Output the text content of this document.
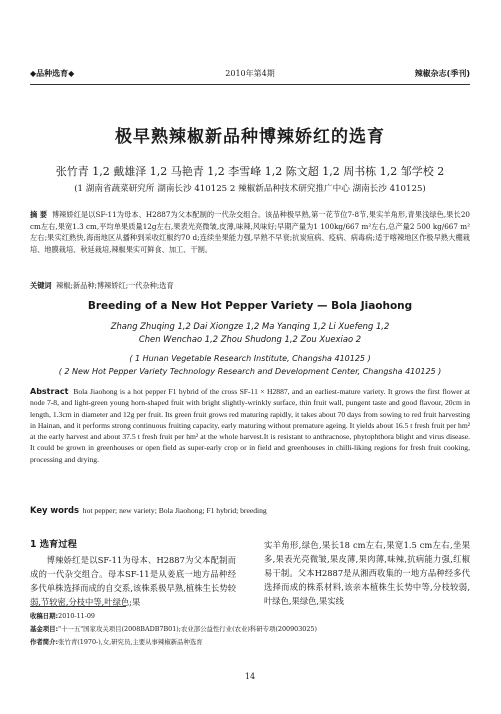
◆品种选育◆	2010年第4期	辣椒杂志(季刊)
极早熟辣椒新品种博辣娇红的选育
张竹青 1,2 戴雄泽 1,2 马艳青 1,2 李雪峰 1,2 陈文超 1,2 周书栋 1,2 邹学校 2
(1 湖南省蔬菜研究所 湖南长沙 410125 2 辣椒新品种技术研究推广中心 湖南长沙 410125)
摘 要 博辣娇红是以SF-11为母本、H2887为父本配制的一代杂交组合。该品种极早熟,第一花节位7-8节,果实羊角形,青果浅绿色,果长20 cm左右,果宽1.3 cm,平均单果质量12g左右,果表光亮微皱,皮薄,味辣,风味好;早期产量为1 100kg/667 m²左右,总产量2 500 kg/667 m²左右;果实红熟快,海南地区从播种到采收红椒约70 d;连续坐果能力强,早熟不早衰;抗炭疽病、疫病、病毒病;适于喀辣地区作极早熟大棚栽培、地膜栽培、秋延栽培,辣椒果实可鲜食、加工、干制。
关键词 辣椒;新品种;博辣娇红;一代杂种;选育
Breeding of a New Hot Pepper Variety — Bola Jiaohong
Zhang Zhuqing 1,2 Dai Xiongze 1,2 Ma Yanqing 1,2 Li Xuefeng 1,2
Chen Wenchao 1,2 Zhou Shudong 1,2 Zou Xuexiao 2
( 1 Hunan Vegetable Research Institute, Changsha 410125 )
( 2 New Hot Pepper Variety Technology Research and Development Center, Changsha 410125 )
Abstract Bola Jiaohong is a hot pepper F1 hybrid of the cross SF-11 × H2887, and an earliest-mature variety. It grows the first flower at node 7-8, and light-green young horn-shaped fruit with bright slightly-wrinkly surface, thin fruit wall, pungent taste and good flavour, 20cm in length, 1.3cm in diameter and 12g per fruit. Its green fruit grows red maturing rapidly, it takes about 70 days from sowing to red fruit harvesting in Hainan, and it performs strong continuous fruiting capacity, early maturing without premature ageing. It yields about 16.5 t fresh fruit per hm² at the early harvest and about 37.5 t fresh fruit per hm² at the whole harvest.It is resistant to anthracnose, phytophthora blight and virus disease. It could be grown in greenhouses or open field as super-early crop or in field and greenhouses in chilli-liking regions for fresh fruit cooking, processing and drying.
Key words hot pepper; new variety; Bola Jiaohong; F1 hybrid; breeding
1 选育过程
博辣娇红是以SF-11为母本、H2887为父本配制而成的一代杂交组合。母本SF-11是从姜底一地方品种经多代单株选择而成的自交系,该株系极早熟,植株生长势较弱,节较密,分枝中等,叶绿色;果
实羊角形,绿色,果长18 cm左右,果宽1.5 cm左右,坐果多,果表光亮微皱,果皮薄,果肉薄,味辣,抗病能力强,红椒易干制。父本H2887是从湘西收集的一地方品种经多代选择而成的株系材料,该亲本植株生长势中等,分枝较弱,叶绿色,果绿色,果实线
收稿日期:2010-11-09
基金项目:"十一五"国家攻关项目(2008BADB7B01);农业部公益性行业(农业)科研专项(200903025)
作者简介:张竹青(1970-),女,研究员,主要从事辣椒新品种选育
14
